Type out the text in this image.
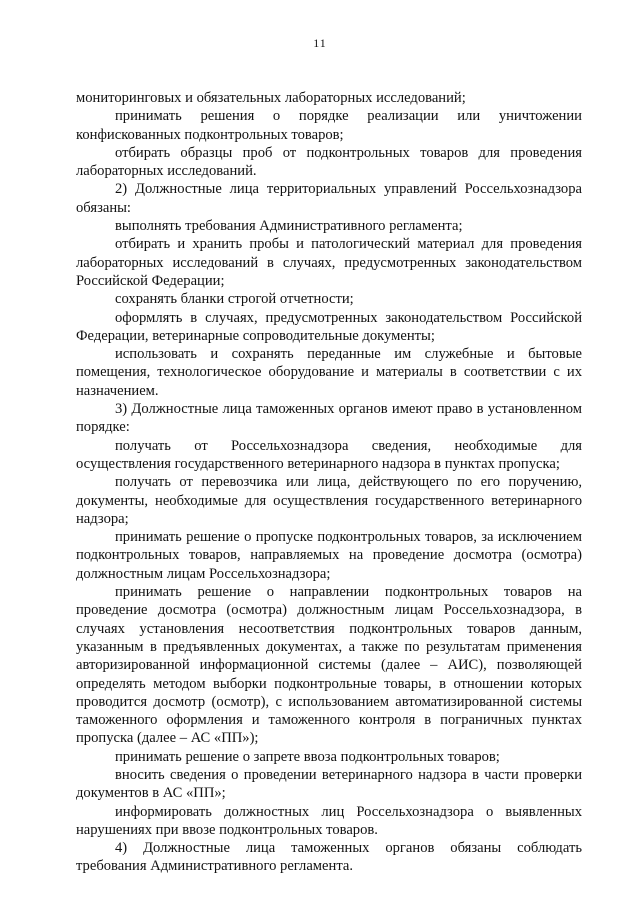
11

мониторинговых и обязательных лабораторных исследований;

принимать решения о порядке реализации или уничтожении конфискованных подконтрольных товаров;

отбирать образцы проб от подконтрольных товаров для проведения лабораторных исследований.

2) Должностные лица территориальных управлений Россельхознадзора обязаны:

выполнять требования Административного регламента;

отбирать и хранить пробы и патологический материал для проведения лабораторных исследований в случаях, предусмотренных законодательством Российской Федерации;

сохранять бланки строгой отчетности;

оформлять в случаях, предусмотренных законодательством Российской Федерации, ветеринарные сопроводительные документы;

использовать и сохранять переданные им служебные и бытовые помещения, технологическое оборудование и материалы в соответствии с их назначением.

3) Должностные лица таможенных органов имеют право в установленном порядке:

получать от Россельхознадзора сведения, необходимые для осуществления государственного ветеринарного надзора в пунктах пропуска;

получать от перевозчика или лица, действующего по его поручению, документы, необходимые для осуществления государственного ветеринарного надзора;

принимать решение о пропуске подконтрольных товаров, за исключением подконтрольных товаров, направляемых на проведение досмотра (осмотра) должностным лицам Россельхознадзора;

принимать решение о направлении подконтрольных товаров на проведение досмотра (осмотра) должностным лицам Россельхознадзора, в случаях установления несоответствия подконтрольных товаров данным, указанным в предъявленных документах, а также по результатам применения авторизированной информационной системы (далее – АИС), позволяющей определять методом выборки подконтрольные товары, в отношении которых проводится досмотр (осмотр), с использованием автоматизированной системы таможенного оформления и таможенного контроля в пограничных пунктах пропуска (далее – АС «ПП»);

принимать решение о запрете ввоза подконтрольных товаров;

вносить сведения о проведении ветеринарного надзора в части проверки документов в АС «ПП»;

информировать должностных лиц Россельхознадзора о выявленных нарушениях при ввозе подконтрольных товаров.

4) Должностные лица таможенных органов обязаны соблюдать требования Административного регламента.
